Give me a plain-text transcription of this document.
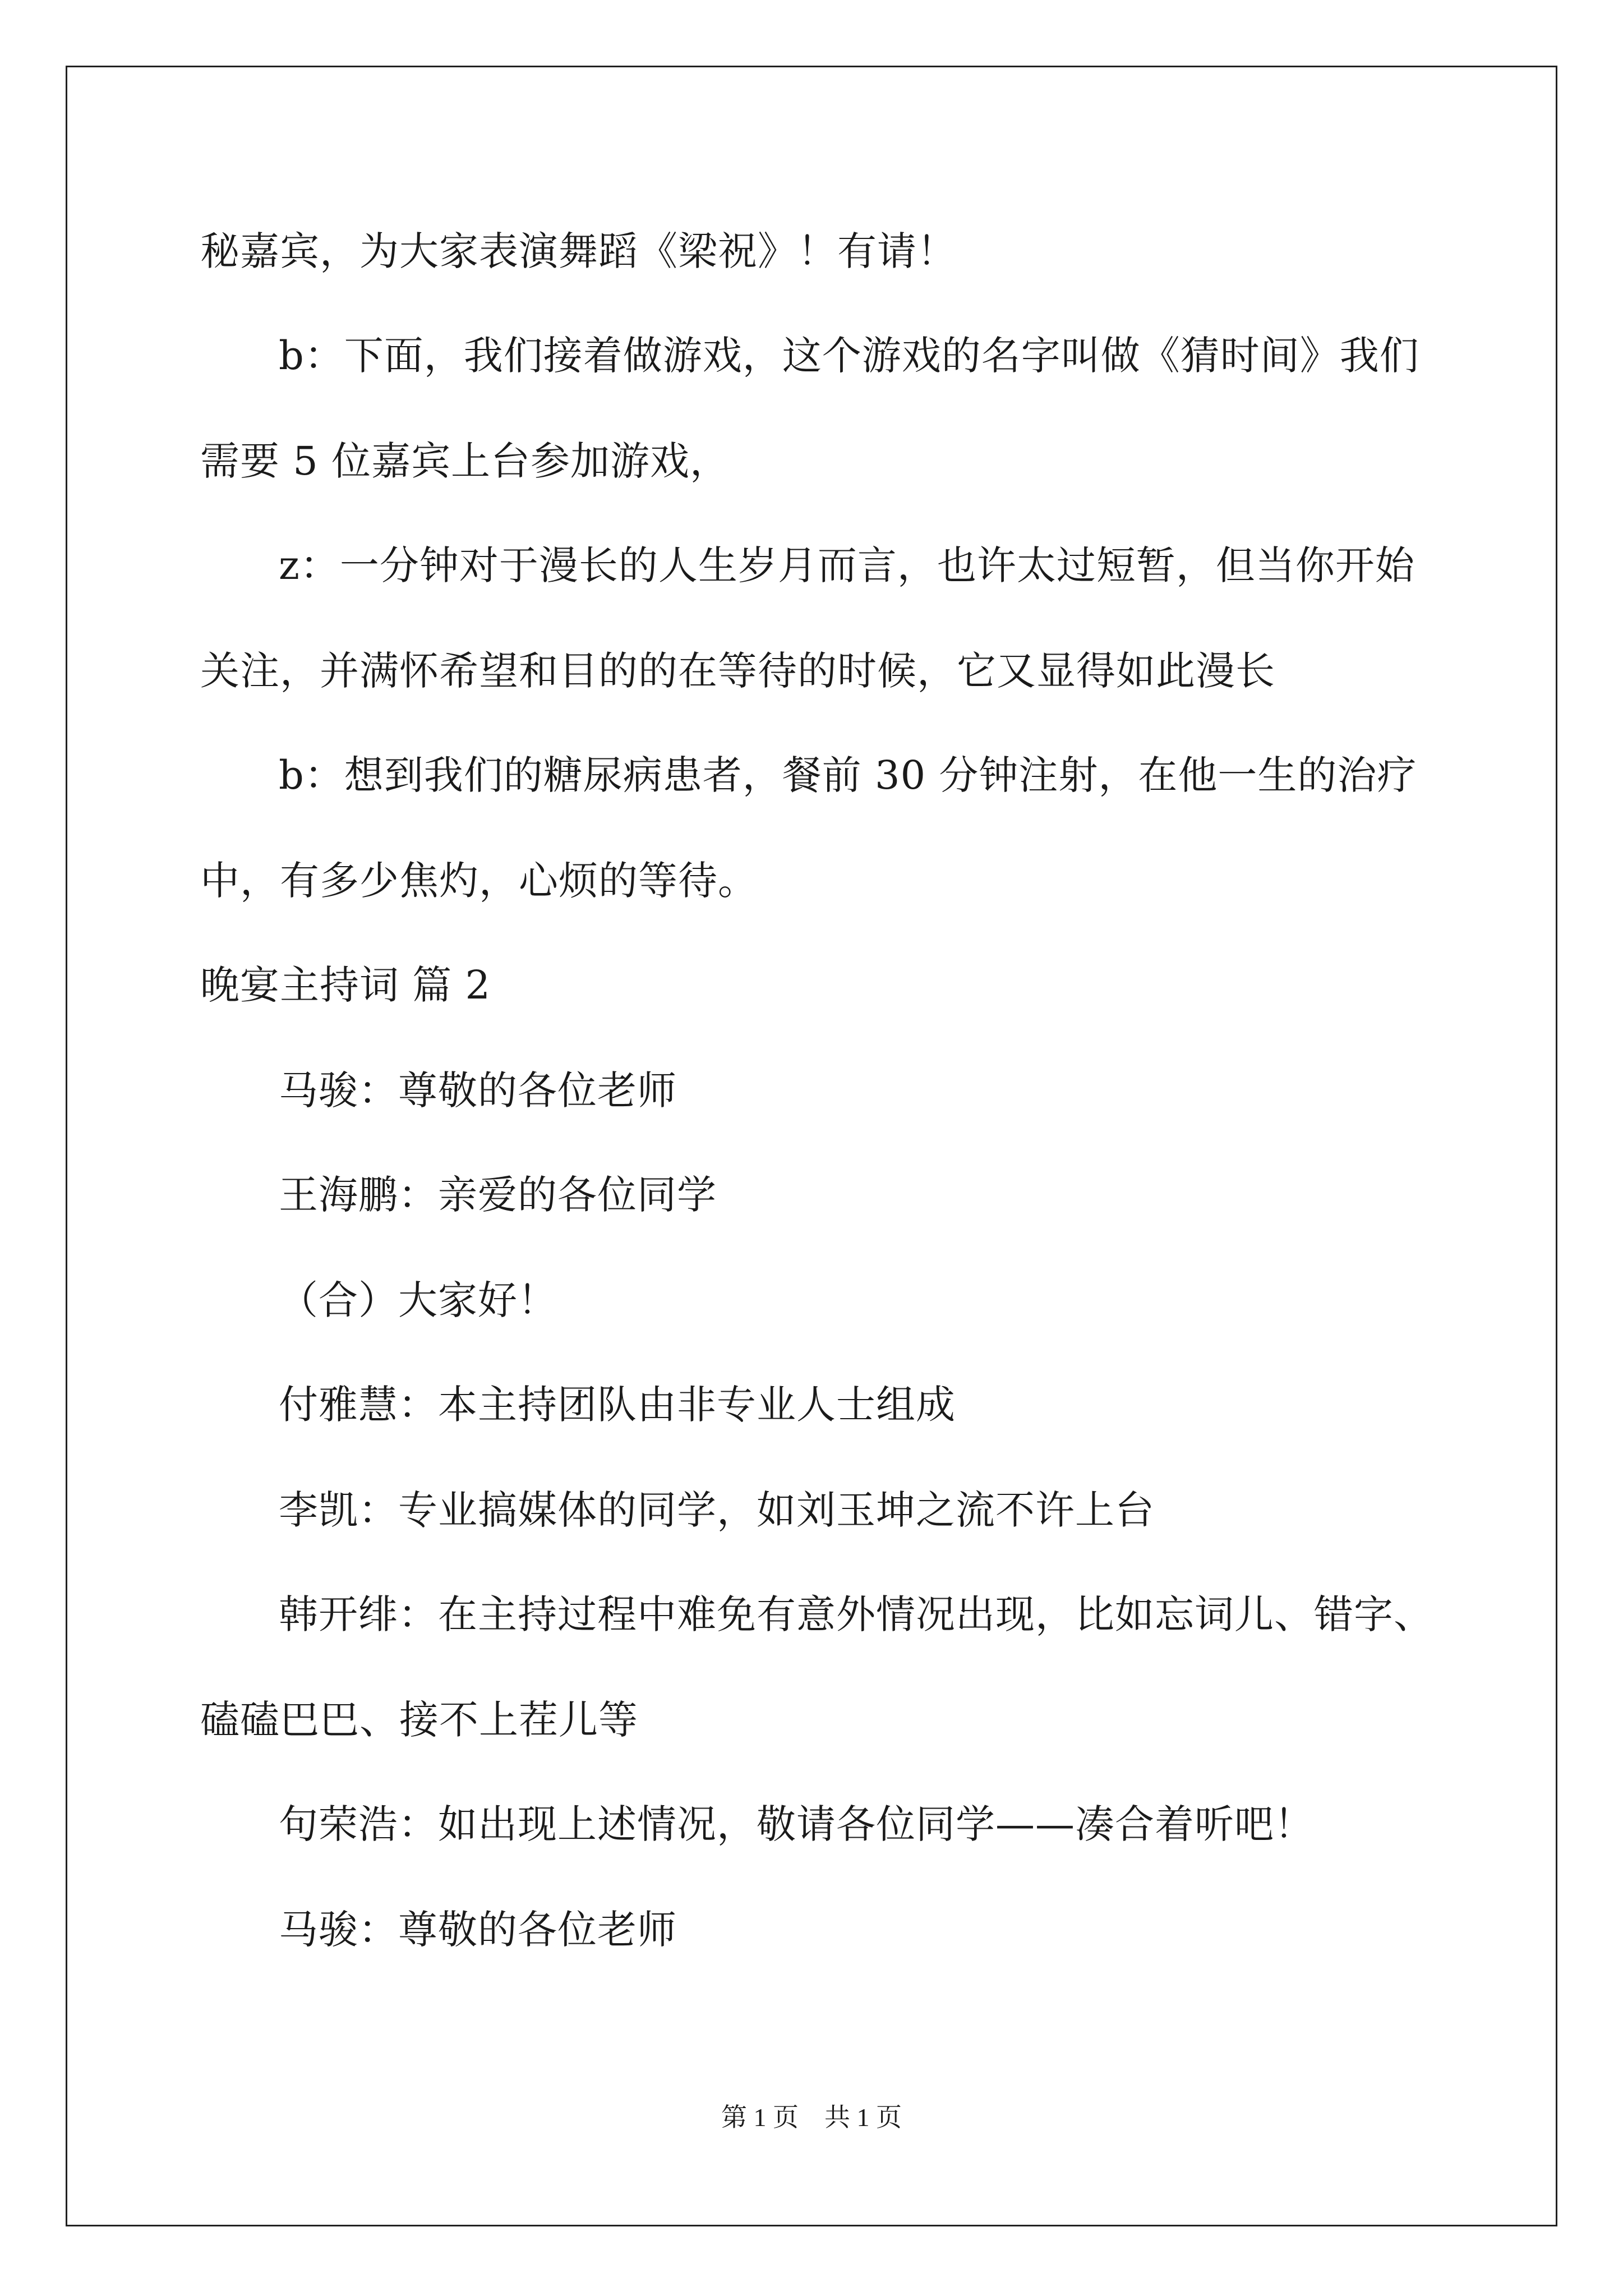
秘嘉宾，为大家表演舞蹈《梁祝》！有请！
b：下面，我们接着做游戏，这个游戏的名字叫做《猜时间》我们
需要 5 位嘉宾上台参加游戏，
z：一分钟对于漫长的人生岁月而言，也许太过短暂，但当你开始
关注，并满怀希望和目的的在等待的时候，它又显得如此漫长
b：想到我们的糖尿病患者，餐前 30 分钟注射，在他一生的治疗
中，有多少焦灼，心烦的等待。
晚宴主持词 篇 2
马骏：尊敬的各位老师
王海鹏：亲爱的各位同学
（合）大家好！
付雅慧：本主持团队由非专业人士组成
李凯：专业搞媒体的同学，如刘玉坤之流不许上台
韩开绯：在主持过程中难免有意外情况出现，比如忘词儿、错字、
磕磕巴巴、接不上茬儿等
句荣浩：如出现上述情况，敬请各位同学——凑合着听吧！
马骏：尊敬的各位老师
第 1 页　共 1 页
